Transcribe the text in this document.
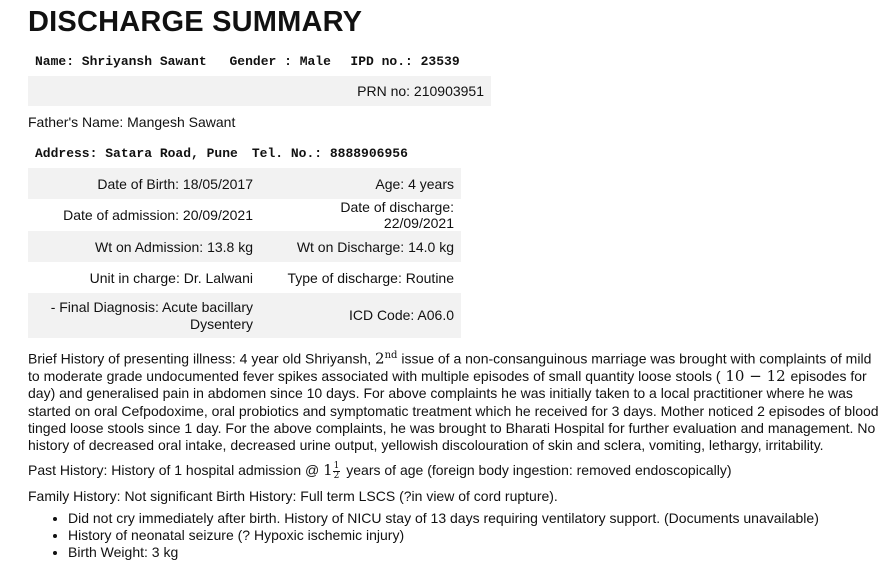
DISCHARGE SUMMARY
Name: Shriyansh Sawant	Gender : Male	IPD no.: 23539
		PRN no: 210903951
Father's Name: Mangesh Sawant
Address: Satara Road, Pune	Tel. No.: 8888906956
Date of Birth: 18/05/2017	Age: 4 years
Date of admission: 20/09/2021	Date of discharge: 22/09/2021
Wt on Admission: 13.8 kg	Wt on Discharge: 14.0 kg
Unit in charge: Dr. Lalwani	Type of discharge: Routine
- Final Diagnosis: Acute bacillary
Dysentery	ICD Code: A06.0
Brief History of presenting illness: 4 year old Shriyansh, 2nd issue of a non-consanguinous marriage was brought with complaints of mild to moderate grade undocumented fever spikes associated with multiple episodes of small quantity loose stools ( 10 − 12 episodes for day) and generalised pain in abdomen since 10 days. For above complaints he was initially taken to a local practitioner where he was started on oral Cefpodoxime, oral probiotics and symptomatic treatment which he received for 3 days. Mother noticed 2 episodes of blood tinged loose stools since 1 day. For the above complaints, he was brought to Bharati Hospital for further evaluation and management. No history of decreased oral intake, decreased urine output, yellowish discolouration of skin and sclera, vomiting, lethargy, irritability.
Past History: History of 1 hospital admission @ $1 \frac{1}{2}$ years of age (foreign body ingestion: removed endoscopically)
Family History: Not significant Birth History: Full term LSCS (?in view of cord rupture).
• Did not cry immediately after birth. History of NICU stay of 13 days requiring ventilatory support. (Documents unavailable)
• History of neonatal seizure (? Hypoxic ischemic injury)
• Birth Weight: 3 kg
